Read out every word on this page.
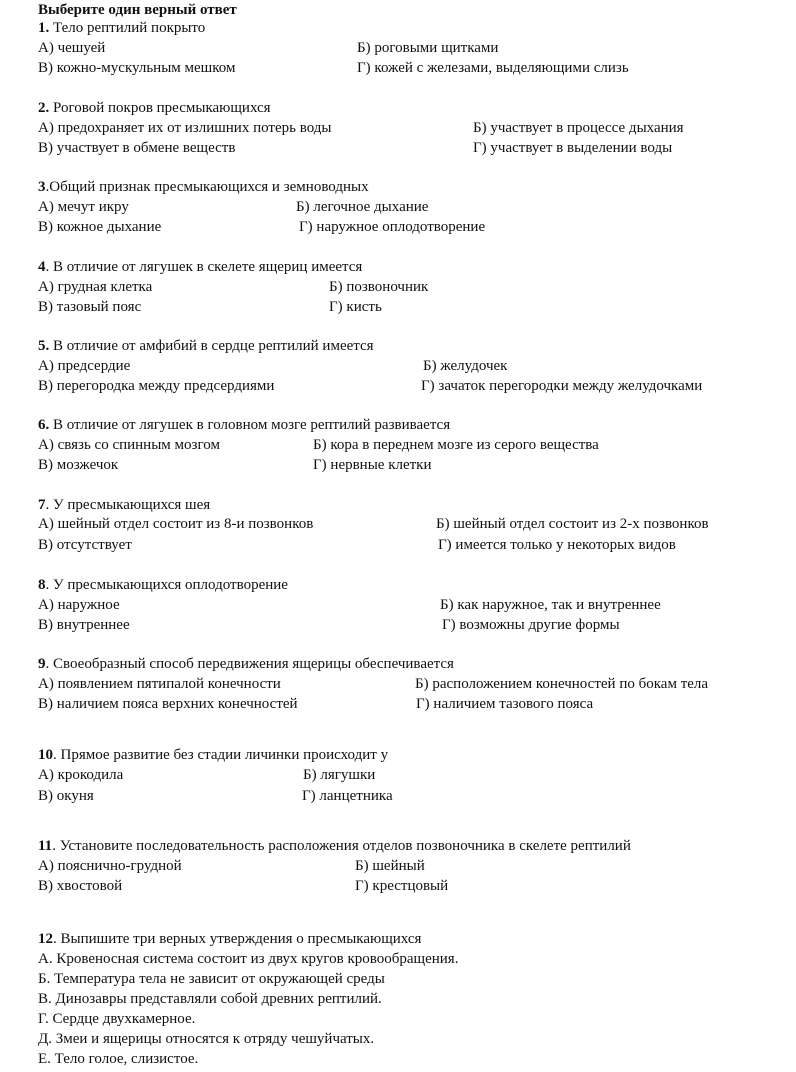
Выберите один верный ответ
1. Тело рептилий покрыто
А) чешуей	Б) роговыми щитками
В) кожно-мускульным мешком	Г) кожей с железами, выделяющими слизь
2. Роговой покров пресмыкающихся
А) предохраняет их от излишних потерь воды	Б) участвует в процессе дыхания
В) участвует в обмене веществ	Г) участвует в выделении воды
3.Общий признак пресмыкающихся и земноводных
А) мечут икру	Б) легочное дыхание
В) кожное дыхание	Г) наружное оплодотворение
4. В отличие от лягушек в скелете ящериц имеется
А) грудная клетка	Б) позвоночник
В) тазовый пояс	Г) кисть
5. В отличие от амфибий в сердце рептилий имеется
А) предсердие	Б) желудочек
В) перегородка между предсердиями	Г) зачаток перегородки между желудочками
6. В отличие от лягушек в головном мозге рептилий развивается
А) связь со спинным мозгом	Б) кора в переднем мозге из серого вещества
В) мозжечок	Г) нервные клетки
7. У пресмыкающихся шея
А) шейный отдел состоит из 8-и позвонков	Б) шейный отдел состоит из 2-х позвонков
В) отсутствует	Г) имеется только у некоторых видов
8. У пресмыкающихся оплодотворение
А) наружное	Б) как наружное, так и внутреннее
В) внутреннее	Г) возможны другие формы
9. Своеобразный способ передвижения ящерицы обеспечивается
А) появлением пятипалой конечности	Б) расположением конечностей по бокам тела
В) наличием пояса верхних конечностей	Г) наличием тазового пояса
10. Прямое развитие без стадии личинки происходит у
А) крокодила	Б) лягушки
В) окуня	Г) ланцетника
11. Установите последовательность расположения отделов позвоночника в скелете рептилий
А) пояснично-грудной	Б) шейный
В) хвостовой	Г) крестцовый
12. Выпишите три верных утверждения о пресмыкающихся
А. Кровеносная система состоит из двух кругов кровообращения.
Б. Температура тела не зависит от окружающей среды
В. Динозавры представляли собой древних рептилий.
Г. Сердце двухкамерное.
Д. Змеи и ящерицы относятся к отряду чешуйчатых.
Е. Тело голое, слизистое.
